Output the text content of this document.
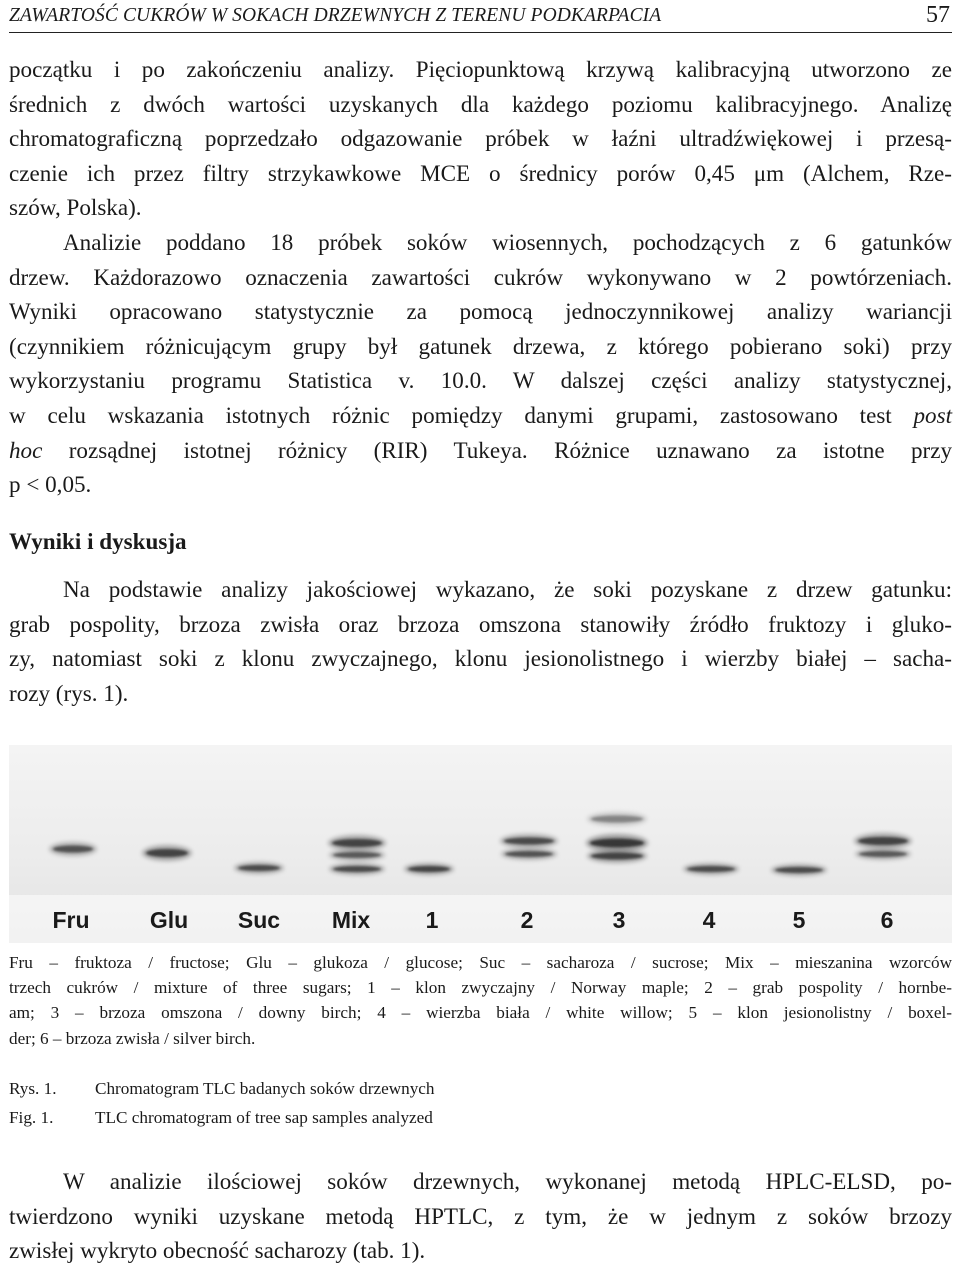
ZAWARTOŚĆ CUKRÓW W SOKACH DRZEWNYCH Z TERENU PODKARPACIA	57

początku i po zakończeniu analizy. Pięciopunktową krzywą kalibracyjną utworzono ze
średnich z dwóch wartości uzyskanych dla każdego poziomu kalibracyjnego. Analizę
chromatograficzną poprzedzało odgazowanie próbek w łaźni ultradźwiękowej i przesą-
czenie ich przez filtry strzykawkowe MCE o średnicy porów 0,45 μm (Alchem, Rze-
szów, Polska).

Analizie poddano 18 próbek soków wiosennych, pochodzących z 6 gatunków
drzew. Każdorazowo oznaczenia zawartości cukrów wykonywano w 2 powtórzeniach.
Wyniki opracowano statystycznie za pomocą jednoczynnikowej analizy wariancji
(czynnikiem różnicującym grupy był gatunek drzewa, z którego pobierano soki) przy
wykorzystaniu programu Statistica v. 10.0. W dalszej części analizy statystycznej,
w celu wskazania istotnych różnic pomiędzy danymi grupami, zastosowano test post
hoc rozsądnej istotnej różnicy (RIR) Tukeya. Różnice uznawano za istotne przy
p < 0,05.

Wyniki i dyskusja

Na podstawie analizy jakościowej wykazano, że soki pozyskane z drzew gatunku:
grab pospolity, brzoza zwisła oraz brzoza omszona stanowiły źródło fruktozy i gluko-
zy, natomiast soki z klonu zwyczajnego, klonu jesionolistnego i wierzby białej – sacha-
rozy (rys. 1).

Fru	Glu Suc Mix 1	2	3	4	5	6

Fru – fruktoza / fructose; Glu – glukoza / glucose; Suc – sacharoza / sucrose; Mix – mieszanina wzorców
trzech cukrów / mixture of three sugars; 1 – klon zwyczajny / Norway maple; 2 – grab pospolity / hornbe-
am; 3 – brzoza omszona / downy birch; 4 – wierzba biała / white willow; 5 – klon jesionolistny / boxel-
der; 6 – brzoza zwisła / silver birch.

Rys. 1. Chromatogram TLC badanych soków drzewnych
Fig. 1. TLC chromatogram of tree sap samples analyzed

W analizie ilościowej soków drzewnych, wykonanej metodą HPLC-ELSD, po-
twierdzono wyniki uzyskane metodą HPTLC, z tym, że w jednym z soków brzozy
zwisłej wykryto obecność sacharozy (tab. 1).
